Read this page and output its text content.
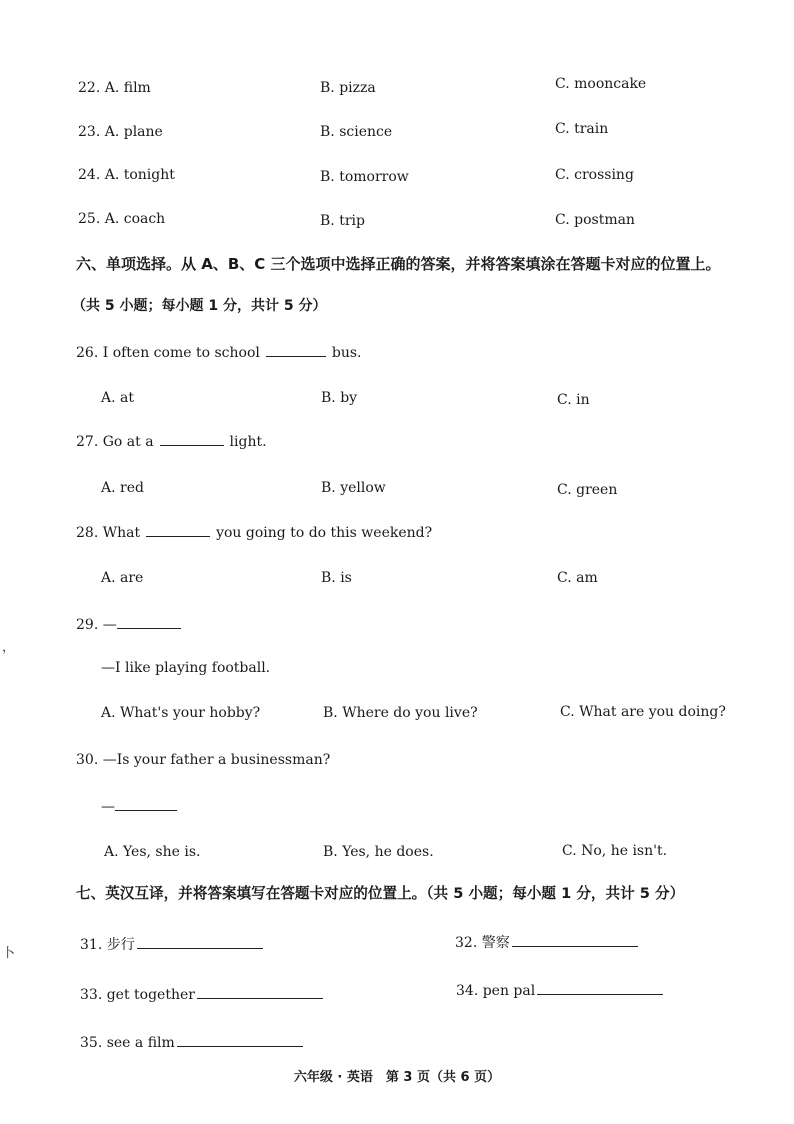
22. A. film	B. pizza	C. mooncake
23. A. plane	B. science	C. train
24. A. tonight	B. tomorrow	C. crossing
25. A. coach	B. trip	C. postman
六、单项选择。从 A、B、C 三个选项中选择正确的答案，并将答案填涂在答题卡对应的位置上。
（共 5 小题；每小题 1 分，共计 5 分）
26. I often come to school	bus.
A. at	B. by	C. in
27. Go at a	light.
A. red	B. yellow	C. green
28. What	you going to do this weekend?
A. are	B. is	C. am
29. —
—I like playing football.
A. What's your hobby?	B. Where do you live?	C. What are you doing?
30. —Is your father a businessman?
—
A. Yes, she is.	B. Yes, he does.	C. No, he isn't.
七、英汉互译，并将答案填写在答题卡对应的位置上。（共 5 小题；每小题 1 分，共计 5 分）
31. 步行	32. 警察
33. get together	34. pen pal
35. see a film
，
卜
六年级 · 英语　第 3 页（共 6 页）
